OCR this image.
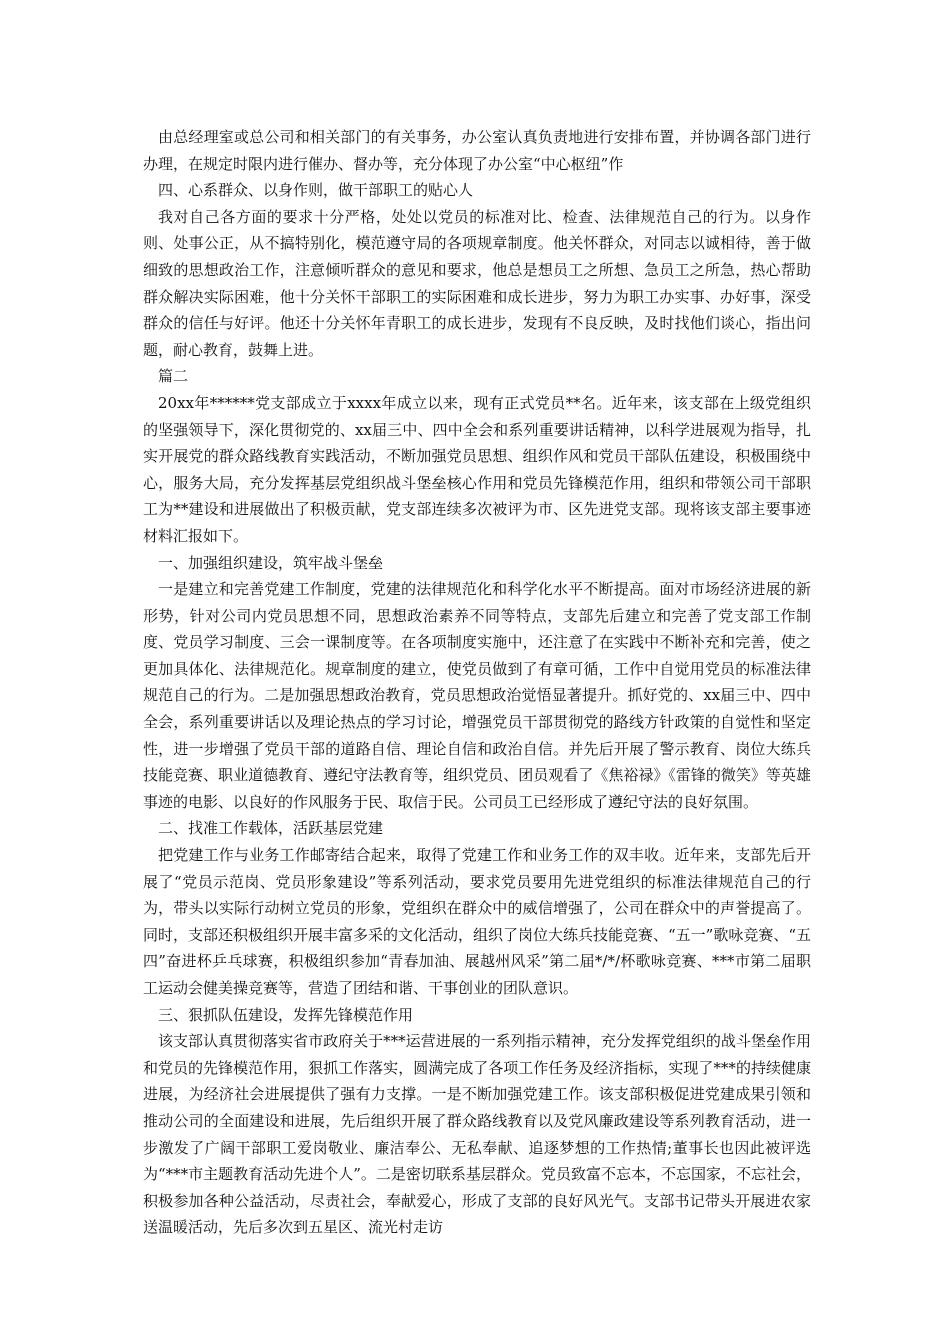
由总经理室或总公司和相关部门的有关事务，办公室认真负责地进行安排布置，并协调各部门进行办理，在规定时限内进行催办、督办等，充分体现了办公室“中心枢纽”作

四、心系群众、以身作则，做干部职工的贴心人

我对自己各方面的要求十分严格，处处以党员的标准对比、检查、法律规范自己的行为。以身作则、处事公正，从不搞特别化，模范遵守局的各项规章制度。他关怀群众，对同志以诚相待，善于做细致的思想政治工作，注意倾听群众的意见和要求，他总是想员工之所想、急员工之所急，热心帮助群众解决实际困难，他十分关怀干部职工的实际困难和成长进步，努力为职工办实事、办好事，深受群众的信任与好评。他还十分关怀年青职工的成长进步，发现有不良反映，及时找他们谈心，指出问题，耐心教育，鼓舞上进。

篇二

20xx年******党支部成立于xxxx年成立以来，现有正式党员**名。近年来，该支部在上级党组织的坚强领导下，深化贯彻党的、xx届三中、四中全会和系列重要讲话精神，以科学进展观为指导，扎实开展党的群众路线教育实践活动，不断加强党员思想、组织作风和党员干部队伍建设，积极围绕中心，服务大局，充分发挥基层党组织战斗堡垒核心作用和党员先锋模范作用，组织和带领公司干部职工为**建设和进展做出了积极贡献，党支部连续多次被评为市、区先进党支部。现将该支部主要事迹材料汇报如下。

一、加强组织建设，筑牢战斗堡垒

一是建立和完善党建工作制度，党建的法律规范化和科学化水平不断提高。面对市场经济进展的新形势，针对公司内党员思想不同，思想政治素养不同等特点，支部先后建立和完善了党支部工作制度、党员学习制度、三会一课制度等。在各项制度实施中，还注意了在实践中不断补充和完善，使之更加具体化、法律规范化。规章制度的建立，使党员做到了有章可循，工作中自觉用党员的标准法律规范自己的行为。二是加强思想政治教育，党员思想政治觉悟显著提升。抓好党的、xx届三中、四中全会，系列重要讲话以及理论热点的学习讨论，增强党员干部贯彻党的路线方针政策的自觉性和坚定性，进一步增强了党员干部的道路自信、理论自信和政治自信。并先后开展了警示教育、岗位大练兵技能竞赛、职业道德教育、遵纪守法教育等，组织党员、团员观看了《焦裕禄》《雷锋的微笑》等英雄事迹的电影、以良好的作风服务于民、取信于民。公司员工已经形成了遵纪守法的良好氛围。

二、找准工作载体，活跃基层党建

把党建工作与业务工作邮寄结合起来，取得了党建工作和业务工作的双丰收。近年来，支部先后开展了“党员示范岗、党员形象建设”等系列活动，要求党员要用先进党组织的标准法律规范自己的行为，带头以实际行动树立党员的形象，党组织在群众中的威信增强了，公司在群众中的声誉提高了。同时，支部还积极组织开展丰富多采的文化活动，组织了岗位大练兵技能竞赛、“五一”歌咏竞赛、“五四”奋进杯乒乓球赛，积极组织参加“青春加油、展越州风采”第二届*/*/杯歌咏竞赛、***市第二届职工运动会健美操竞赛等，营造了团结和谐、干事创业的团队意识。

三、狠抓队伍建设，发挥先锋模范作用

该支部认真贯彻落实省市政府关于***运营进展的一系列指示精神，充分发挥党组织的战斗堡垒作用和党员的先锋模范作用，狠抓工作落实，圆满完成了各项工作任务及经济指标，实现了***的持续健康进展，为经济社会进展提供了强有力支撑。一是不断加强党建工作。该支部积极促进党建成果引领和推动公司的全面建设和进展，先后组织开展了群众路线教育以及党风廉政建设等系列教育活动，进一步激发了广阔干部职工爱岗敬业、廉洁奉公、无私奉献、追逐梦想的工作热情;董事长也因此被评选为“***市主题教育活动先进个人”。二是密切联系基层群众。党员致富不忘本，不忘国家，不忘社会，积极参加各种公益活动，尽责社会，奉献爱心，形成了支部的良好风光气。支部书记带头开展进农家送温暖活动，先后多次到五星区、流光村走访
